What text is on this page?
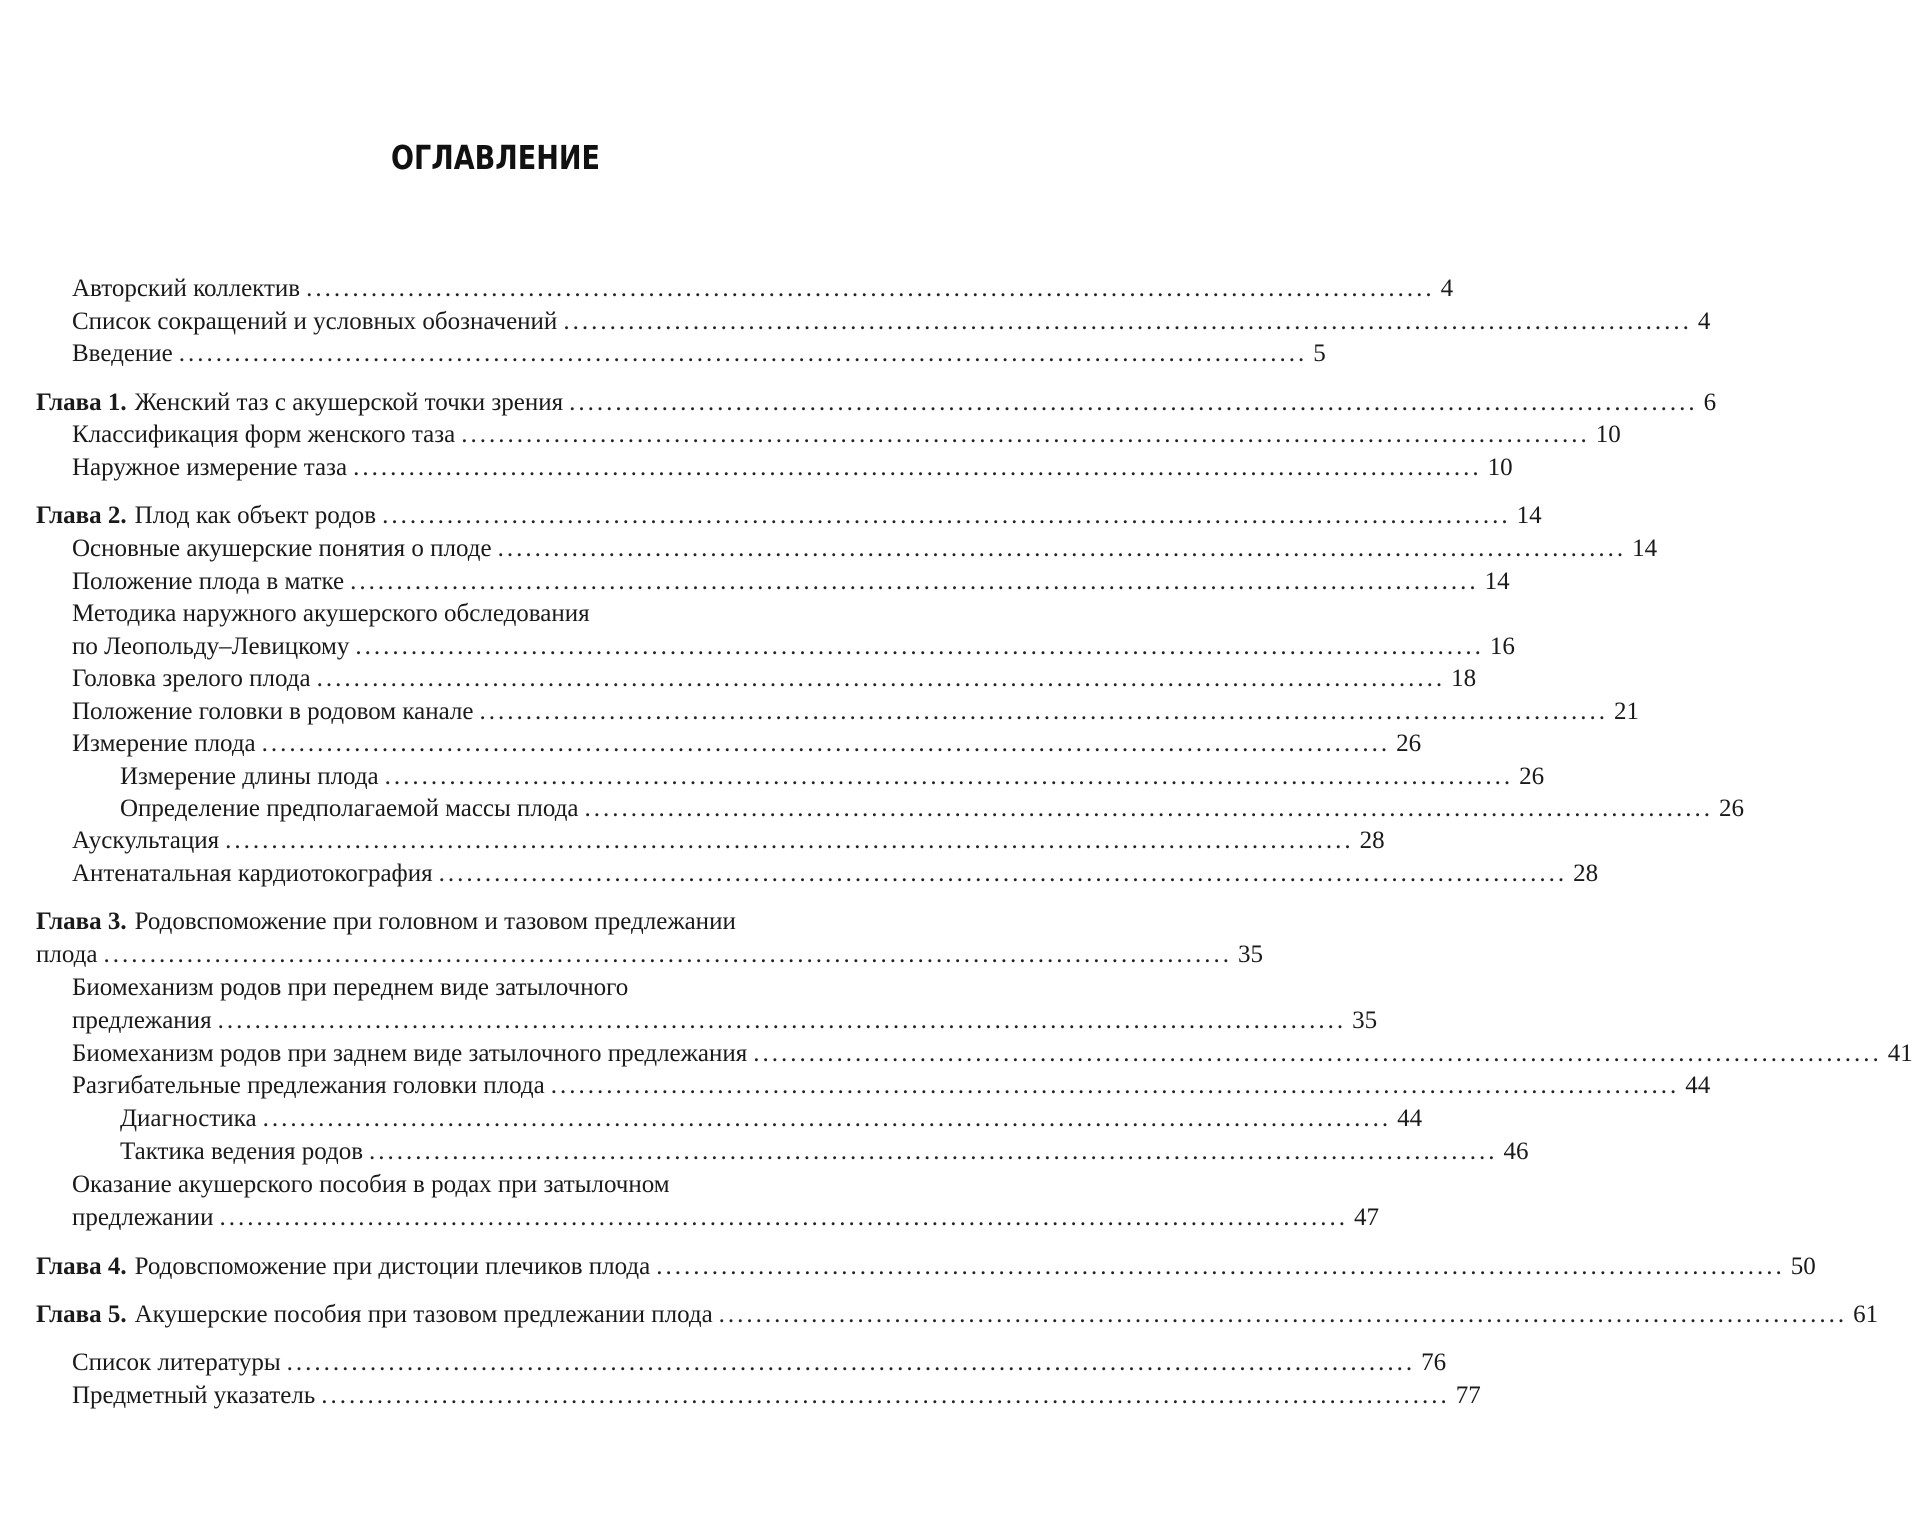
ОГЛАВЛЕНИЕ
Авторский коллектив .......................................................................................................................... 4
Список сокращений и условных обозначений .......................................................................................................................... 4
Введение .......................................................................................................................... 5
Глава 1. Женский таз с акушерской точки зрения .......................................................................................................................... 6
Классификация форм женского таза .......................................................................................................................... 10
Наружное измерение таза .......................................................................................................................... 10
Глава 2. Плод как объект родов .......................................................................................................................... 14
Основные акушерские понятия о плоде .......................................................................................................................... 14
Положение плода в матке .......................................................................................................................... 14
Методика наружного акушерского обследования
по Леопольду–Левицкому .......................................................................................................................... 16
Головка зрелого плода .......................................................................................................................... 18
Положение головки в родовом канале .......................................................................................................................... 21
Измерение плода .......................................................................................................................... 26
Измерение длины плода .......................................................................................................................... 26
Определение предполагаемой массы плода .......................................................................................................................... 26
Аускультация .......................................................................................................................... 28
Антенатальная кардиотокография .......................................................................................................................... 28
Глава 3. Родовспоможение при головном и тазовом предлежании
плода .......................................................................................................................... 35
Биомеханизм родов при переднем виде затылочного
предлежания .......................................................................................................................... 35
Биомеханизм родов при заднем виде затылочного предлежания .......................................................................................................................... 41
Разгибательные предлежания головки плода .......................................................................................................................... 44
Диагностика .......................................................................................................................... 44
Тактика ведения родов .......................................................................................................................... 46
Оказание акушерского пособия в родах при затылочном
предлежании .......................................................................................................................... 47
Глава 4. Родовспоможение при дистоции плечиков плода .......................................................................................................................... 50
Глава 5. Акушерские пособия при тазовом предлежании плода .......................................................................................................................... 61
Список литературы .......................................................................................................................... 76
Предметный указатель .......................................................................................................................... 77
